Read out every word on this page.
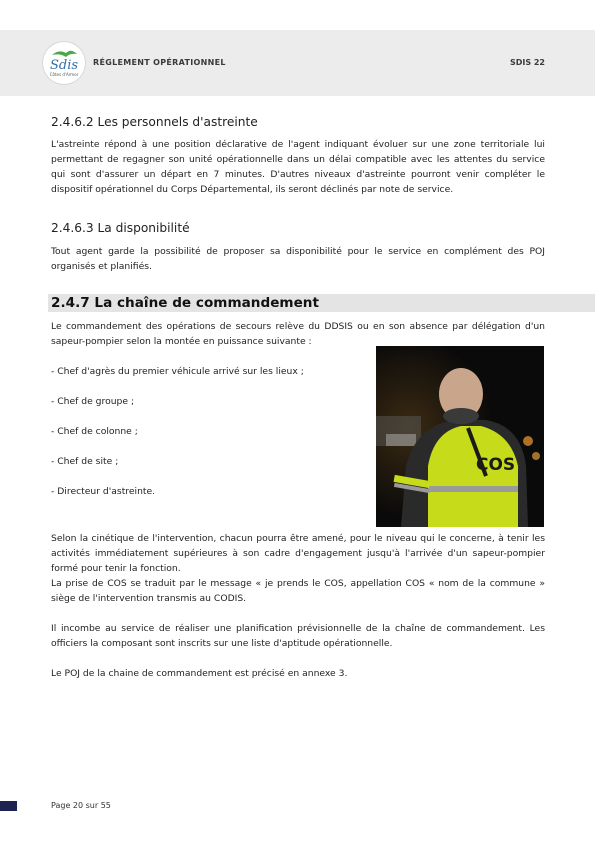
Sdis
Côtes d'Armor
RÉGLEMENT OPÉRATIONNEL	SDIS 22
2.4.6.2 Les personnels d'astreinte
L'astreinte répond à une position déclarative de l'agent indiquant évoluer sur une zone territoriale lui permettant de regagner son unité opérationnelle dans un délai compatible avec les attentes du service qui sont d'assurer un départ en 7 minutes. D'autres niveaux d'astreinte pourront venir compléter le dispositif opérationnel du Corps Départemental, ils seront déclinés par note de service.
2.4.6.3 La disponibilité
Tout agent garde la possibilité de proposer sa disponibilité pour le service en complément des POJ organisés et planifiés.
2.4.7 La chaîne de commandement
Le commandement des opérations de secours relève du DDSIS ou en son absence par délégation d'un sapeur-pompier selon la montée en puissance suivante :
- Chef d'agrès du premier véhicule arrivé sur les lieux ;
- Chef de groupe ;
- Chef de colonne ;
- Chef de site ;
- Directeur d'astreinte.
COS
Selon la cinétique de l'intervention, chacun pourra être amené, pour le niveau qui le concerne, à tenir les activités immédiatement supérieures à son cadre d'engagement jusqu'à l'arrivée d'un sapeur-pompier formé pour tenir la fonction.
La prise de COS se traduit par le message « je prends le COS, appellation COS « nom de la commune » siège de l'intervention transmis au CODIS.
Il incombe au service de réaliser une planification prévisionnelle de la chaîne de commandement. Les officiers la composant sont inscrits sur une liste d'aptitude opérationnelle.
Le POJ de la chaine de commandement est précisé en annexe 3.
Page 20 sur 55
